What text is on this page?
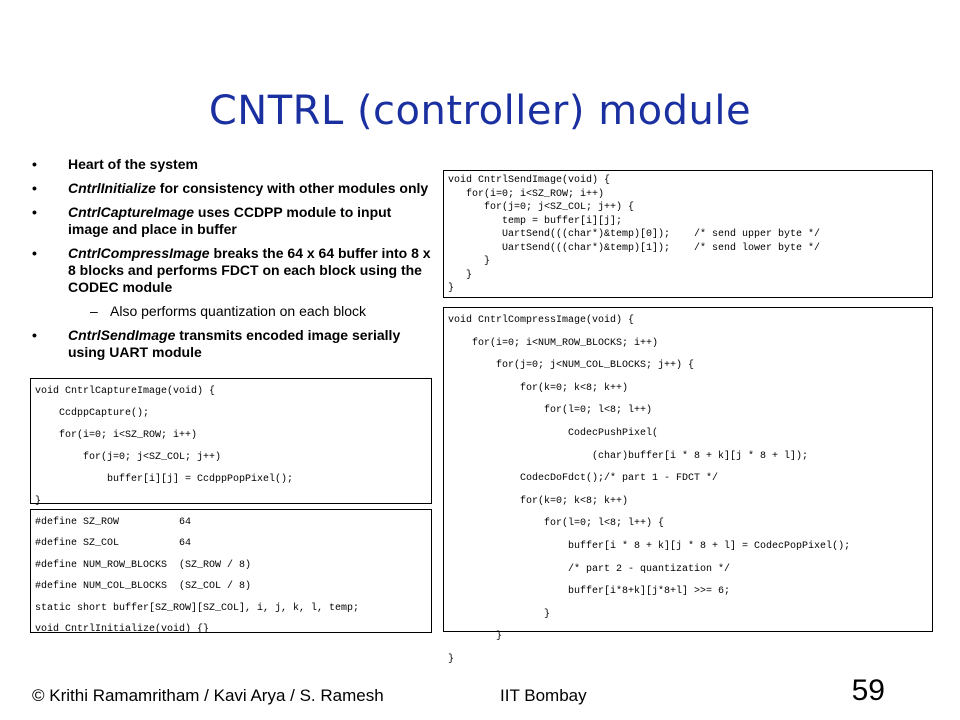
CNTRL (controller) module
• Heart of the system
• CntrlInitialize for consistency with other modules only
• CntrlCaptureImage uses CCDPP module to input image and place in buffer
• CntrlCompressImage breaks the 64 x 64 buffer into 8 x 8 blocks and performs FDCT on each block using the CODEC module
– Also performs quantization on each block
• CntrlSendImage transmits encoded image serially using UART module
void CntrlSendImage(void) {
for(i=0; i<SZ_ROW; i++)
for(j=0; j<SZ_COL; j++) {
temp = buffer[i][j];
UartSend(((char*)&temp)[0]);    /* send upper byte */
UartSend(((char*)&temp)[1]);    /* send lower byte */
}
}
}
void CntrlCompressImage(void) {
for(i=0; i<NUM_ROW_BLOCKS; i++)
for(j=0; j<NUM_COL_BLOCKS; j++) {
for(k=0; k<8; k++)
for(l=0; l<8; l++)
CodecPushPixel(
(char)buffer[i * 8 + k][j * 8 + l]);
CodecDoFdct();/* part 1 - FDCT */
for(k=0; k<8; k++)
for(l=0; l<8; l++) {
buffer[i * 8 + k][j * 8 + l] = CodecPopPixel();
/* part 2 - quantization */
buffer[i*8+k][j*8+l] >>= 6;
}
}
}
void CntrlCaptureImage(void) {
CcdppCapture();
for(i=0; i<SZ_ROW; i++)
for(j=0; j<SZ_COL; j++)
buffer[i][j] = CcdppPopPixel();
}
#define SZ_ROW          64
#define SZ_COL          64
#define NUM_ROW_BLOCKS  (SZ_ROW / 8)
#define NUM_COL_BLOCKS  (SZ_COL / 8)
static short buffer[SZ_ROW][SZ_COL], i, j, k, l, temp;
void CntrlInitialize(void) {}
© Krithi Ramamritham / Kavi Arya / S. Ramesh	IIT Bombay	59
